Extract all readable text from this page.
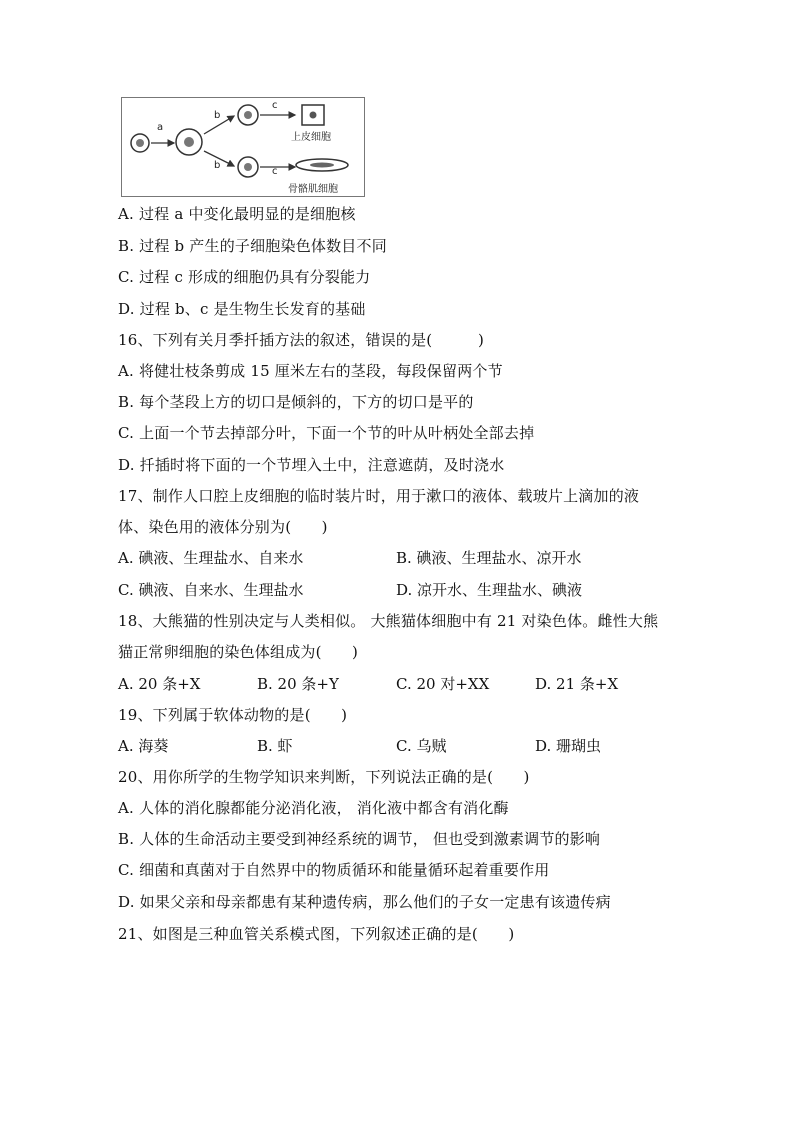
a
b
b
c
c
上皮细胞
骨骼肌细胞
A. 过程 a 中变化最明显的是细胞核
B. 过程 b 产生的子细胞染色体数目不同
C. 过程 c 形成的细胞仍具有分裂能力
D. 过程 b、c 是生物生长发育的基础
16、下列有关月季扦插方法的叙述，错误的是(　　　)
A. 将健壮枝条剪成 15 厘米左右的茎段，每段保留两个节
B. 每个茎段上方的切口是倾斜的，下方的切口是平的
C. 上面一个节去掉部分叶，下面一个节的叶从叶柄处全部去掉
D. 扦插时将下面的一个节埋入土中，注意遮荫，及时浇水
17、制作人口腔上皮细胞的临时装片时，用于漱口的液体、载玻片上滴加的液
体、染色用的液体分别为(　　)
A. 碘液、生理盐水、自来水	B. 碘液、生理盐水、凉开水
C. 碘液、自来水、生理盐水	D. 凉开水、生理盐水、碘液
18、大熊猫的性别决定与人类相似。 大熊猫体细胞中有 21 对染色体。雌性大熊
猫正常卵细胞的染色体组成为(　　)
A. 20 条+X	B. 20 条+Y	C. 20 对+XX	D. 21 条+X
19、下列属于软体动物的是(　　)
A. 海葵	B. 虾	C. 乌贼	D. 珊瑚虫
20、用你所学的生物学知识来判断，下列说法正确的是(　　)
A. 人体的消化腺都能分泌消化液， 消化液中都含有消化酶
B. 人体的生命活动主要受到神经系统的调节， 但也受到激素调节的影响
C. 细菌和真菌对于自然界中的物质循环和能量循环起着重要作用
D. 如果父亲和母亲都患有某种遗传病，那么他们的子女一定患有该遗传病
21、如图是三种血管关系模式图，下列叙述正确的是(　　)
